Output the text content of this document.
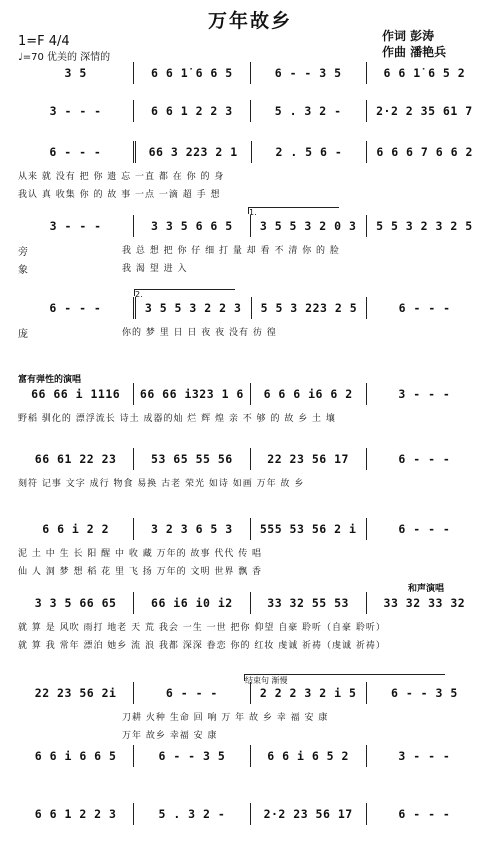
万年故乡
1=F 4/4
♩=70 优美的 深情的
作词 彭涛
作曲 潘艳兵
3 5	6 6 1̇ 6 6 5	6 - - 3 5	6 6 1̇ 6 5 2
3 - - -	6 6 1 2 2 3	5 . 3 2 -	2·2 2 35 61 7
6 - - -	66 3 223 2 1	2 . 5 6 -	6 6 6 7 6 6 2
从来 就 没有 把 你 遗 忘 一直 都 在 你 的 身
我认 真 收集 你 的 故 事 一点 一滴 超 手 想
1.
3 - - -	3 3 5 6 6 5	3 5 5 3 2 0 3	5 5 3 2 3 2 5
我 总 想 把 你 仔 细 打 量 却 看 不 清 你 的 脸
我 渴 望 进 入
旁
象
2.
6 - - -	3 5 5 3 2 2 3	5 5 3 223 2 5	6 - - -
你的 梦 里 日 日 夜 夜 没有 彷 徨
庞
富有弹性的演唱
66 66 i 1116	66 66 i323 1 6	6 6 6 i6 6 2	3 - - -
野稻 驯化的 漂浮流长 诗土 成器的灿 烂 辉 煌 亲 不 够 的 故 乡 土 壤
66 61 22 23	53 65 55 56	22 23 56 17	6 - - -
刻符 记事 文字 成行 物食 易换 古老 荣光 如诗 如画 万年 故 乡
6 6 i 2 2	3 2 3 6 5 3	555 53 56 2 i	6 - - -
泥 土 中 生 长 阳 醒 中 收 藏 万年的 故事 代代 传 唱
仙 人 洞 梦 想 稻 花 里 飞 扬 万年的 文明 世界 飘 香
和声演唱
3 3 5 66 65	66 i6 i0 i2	33 32 55 53	33 32 33 32
就 算 是 风吹 雨打 地老 天 荒 我会 一生 一世 把你 仰望 自豪 聆听（自豪 聆听）
就 算 我 常年 漂泊 她乡 流 浪 我都 深深 眷恋 你的 红妆 虔诚 祈祷（虔诚 祈祷）
结束句 渐慢
22 23 56 2i	6 - - -	2 2 2 3 2 i 5	6 - - 3 5
刀耕 火种 生命 回 响 万 年 故 乡 幸 福 安 康
万年 故乡 幸福 安 康
6 6 i 6 6 5	6 - - 3 5	6 6 i 6 5 2	3 - - -
6 6 1 2 2 3	5 . 3 2 -	2·2 23 56 17	6 - - -
